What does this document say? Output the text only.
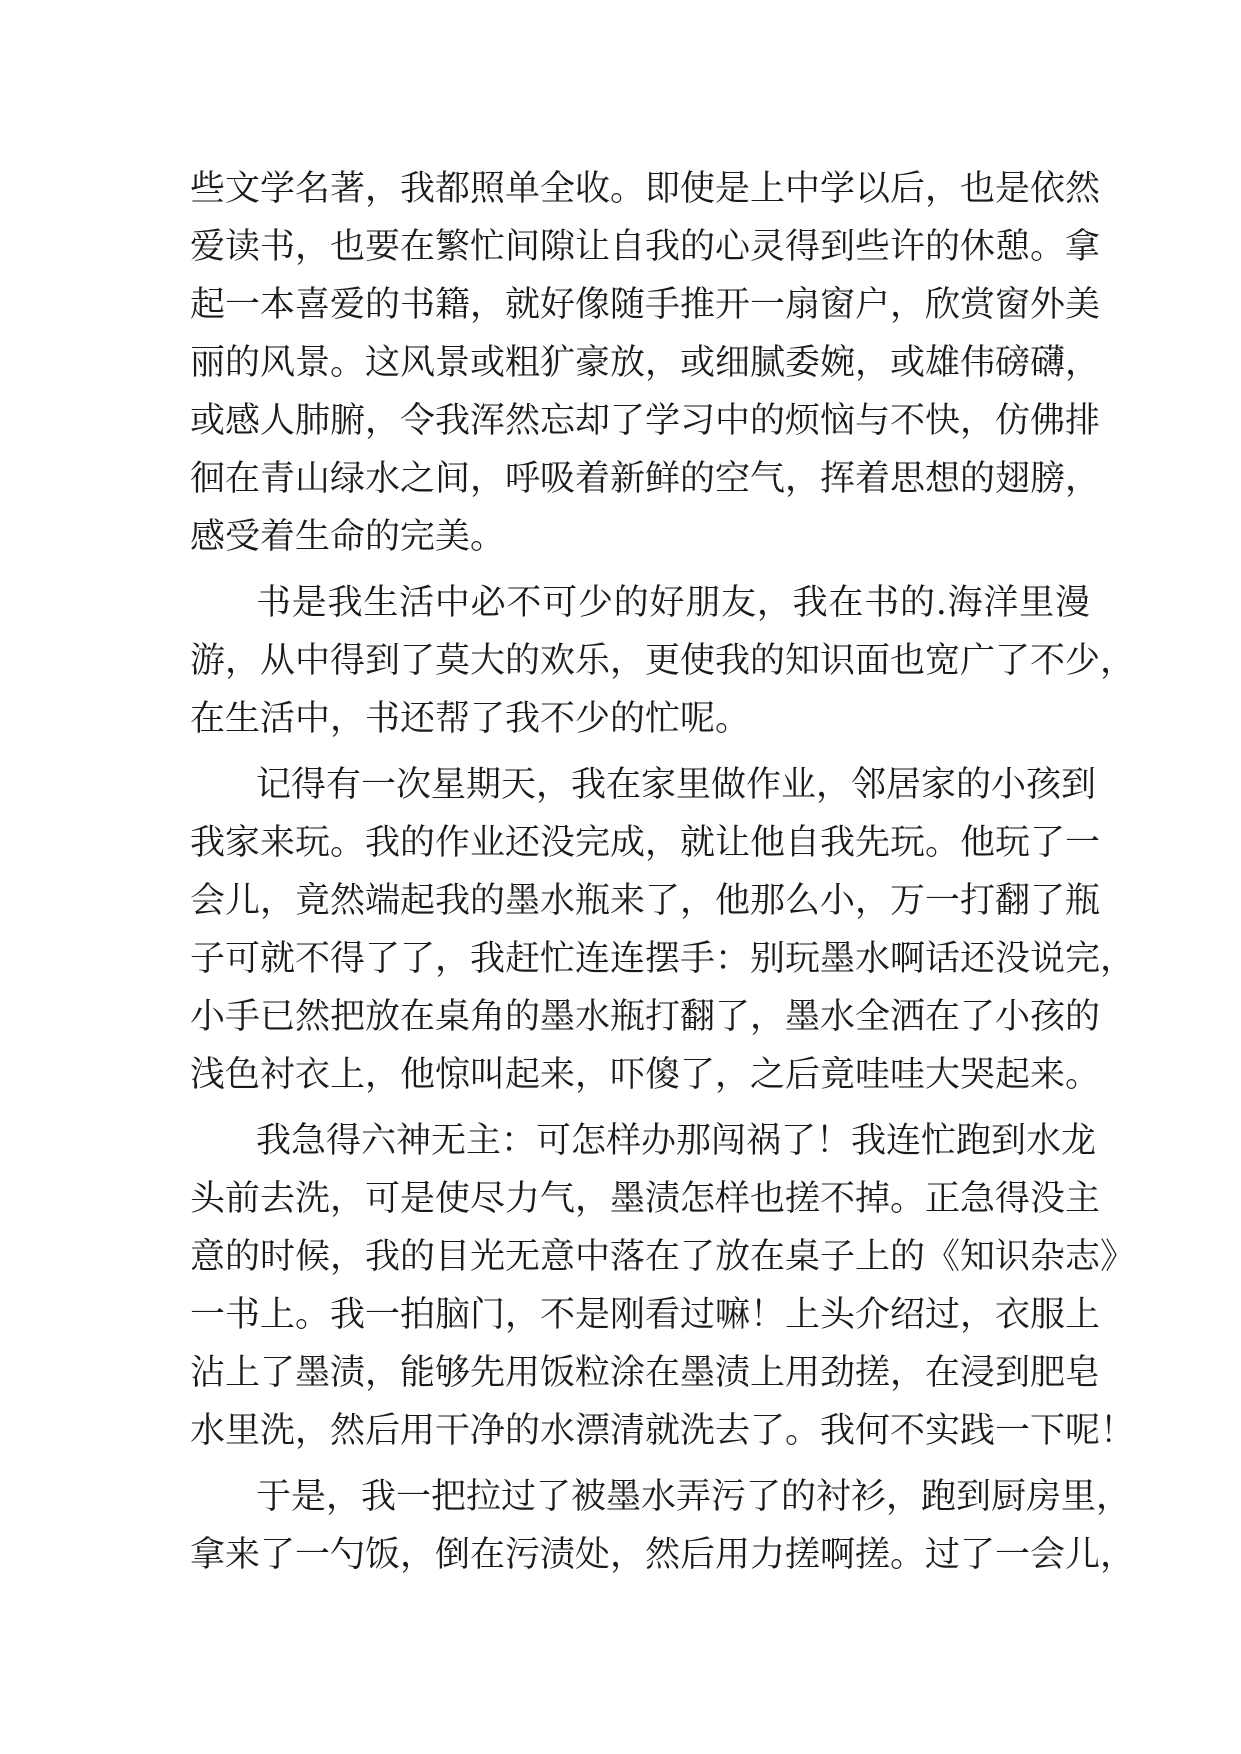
些文学名著，我都照单全收。即使是上中学以后，也是依然
爱读书，也要在繁忙间隙让自我的心灵得到些许的休憩。拿
起一本喜爱的书籍，就好像随手推开一扇窗户，欣赏窗外美
丽的风景。这风景或粗犷豪放，或细腻委婉，或雄伟磅礴，
或感人肺腑，令我浑然忘却了学习中的烦恼与不快，仿佛排
徊在青山绿水之间，呼吸着新鲜的空气，挥着思想的翅膀，
感受着生命的完美。
书是我生活中必不可少的好朋友，我在书的.海洋里漫
游，从中得到了莫大的欢乐，更使我的知识面也宽广了不少，
在生活中，书还帮了我不少的忙呢。
记得有一次星期天，我在家里做作业，邻居家的小孩到
我家来玩。我的作业还没完成，就让他自我先玩。他玩了一
会儿，竟然端起我的墨水瓶来了，他那么小，万一打翻了瓶
子可就不得了了，我赶忙连连摆手：别玩墨水啊话还没说完，
小手已然把放在桌角的墨水瓶打翻了，墨水全洒在了小孩的
浅色衬衣上，他惊叫起来，吓傻了，之后竟哇哇大哭起来。
我急得六神无主：可怎样办那闯祸了！我连忙跑到水龙
头前去洗，可是使尽力气，墨渍怎样也搓不掉。正急得没主
意的时候，我的目光无意中落在了放在桌子上的《知识杂志》
一书上。我一拍脑门，不是刚看过嘛！上头介绍过，衣服上
沾上了墨渍，能够先用饭粒涂在墨渍上用劲搓，在浸到肥皂
水里洗，然后用干净的水漂清就洗去了。我何不实践一下呢！
于是，我一把拉过了被墨水弄污了的衬衫，跑到厨房里，
拿来了一勺饭，倒在污渍处，然后用力搓啊搓。过了一会儿，
